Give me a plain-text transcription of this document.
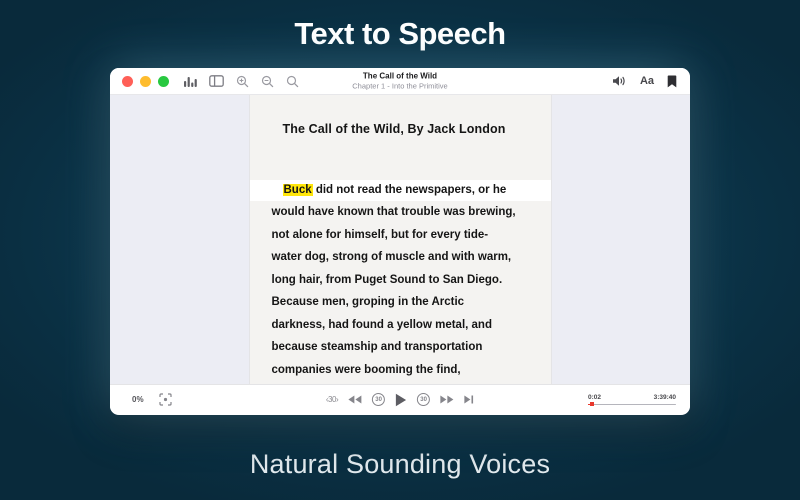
Text to Speech
Natural Sounding Voices
The Call of the Wild
Chapter 1 - Into the Primitive	Aa
The Call of the Wild, By Jack London
Buck did not read the newspapers, or he
would have known that trouble was brewing,
not alone for himself, but for every tide-
water dog, strong of muscle and with warm,
long hair, from Puget Sound to San Diego.
Because men, groping in the Arctic
darkness, had found a yellow metal, and
because steamship and transportation
companies were booming the find,
0%	‹30›	30	30	0:02	3:39:40
